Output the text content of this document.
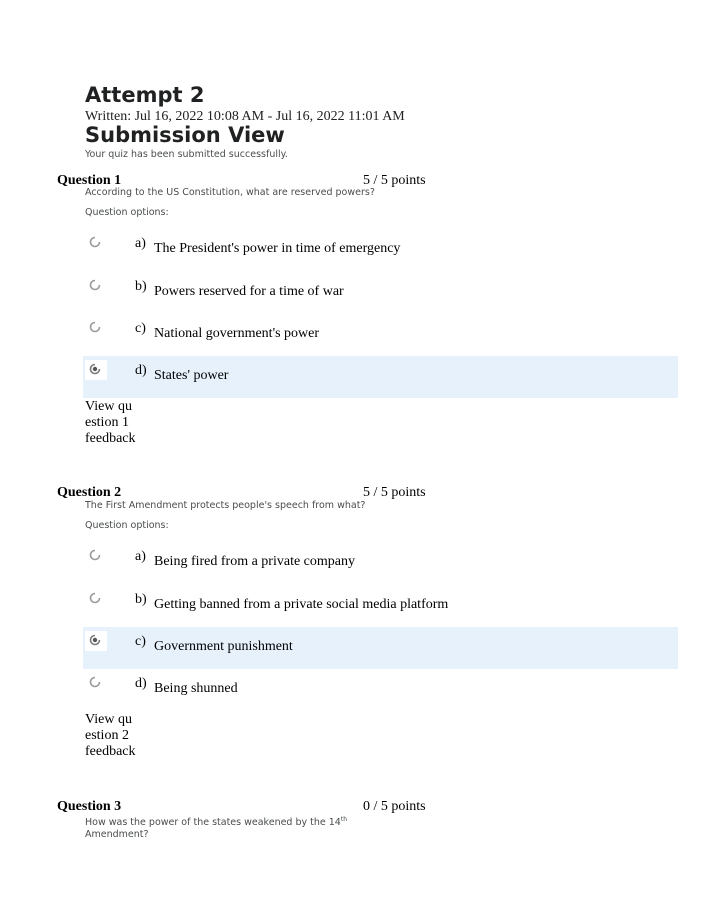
Attempt 2
Written: Jul 16, 2022 10:08 AM - Jul 16, 2022 11:01 AM
Submission View
Your quiz has been submitted successfully.
Question 1	5 / 5 points
According to the US Constitution, what are reserved powers?
Question options:
a) The President's power in time of emergency
b) Powers reserved for a time of war
c) National government's power
d) States' power
View question 1 feedback
Question 2	5 / 5 points
The First Amendment protects people's speech from what?
Question options:
a) Being fired from a private company
b) Getting banned from a private social media platform
c) Government punishment
d) Being shunned
View question 2 feedback
Question 3	0 / 5 points
How was the power of the states weakened by the 14th Amendment?
